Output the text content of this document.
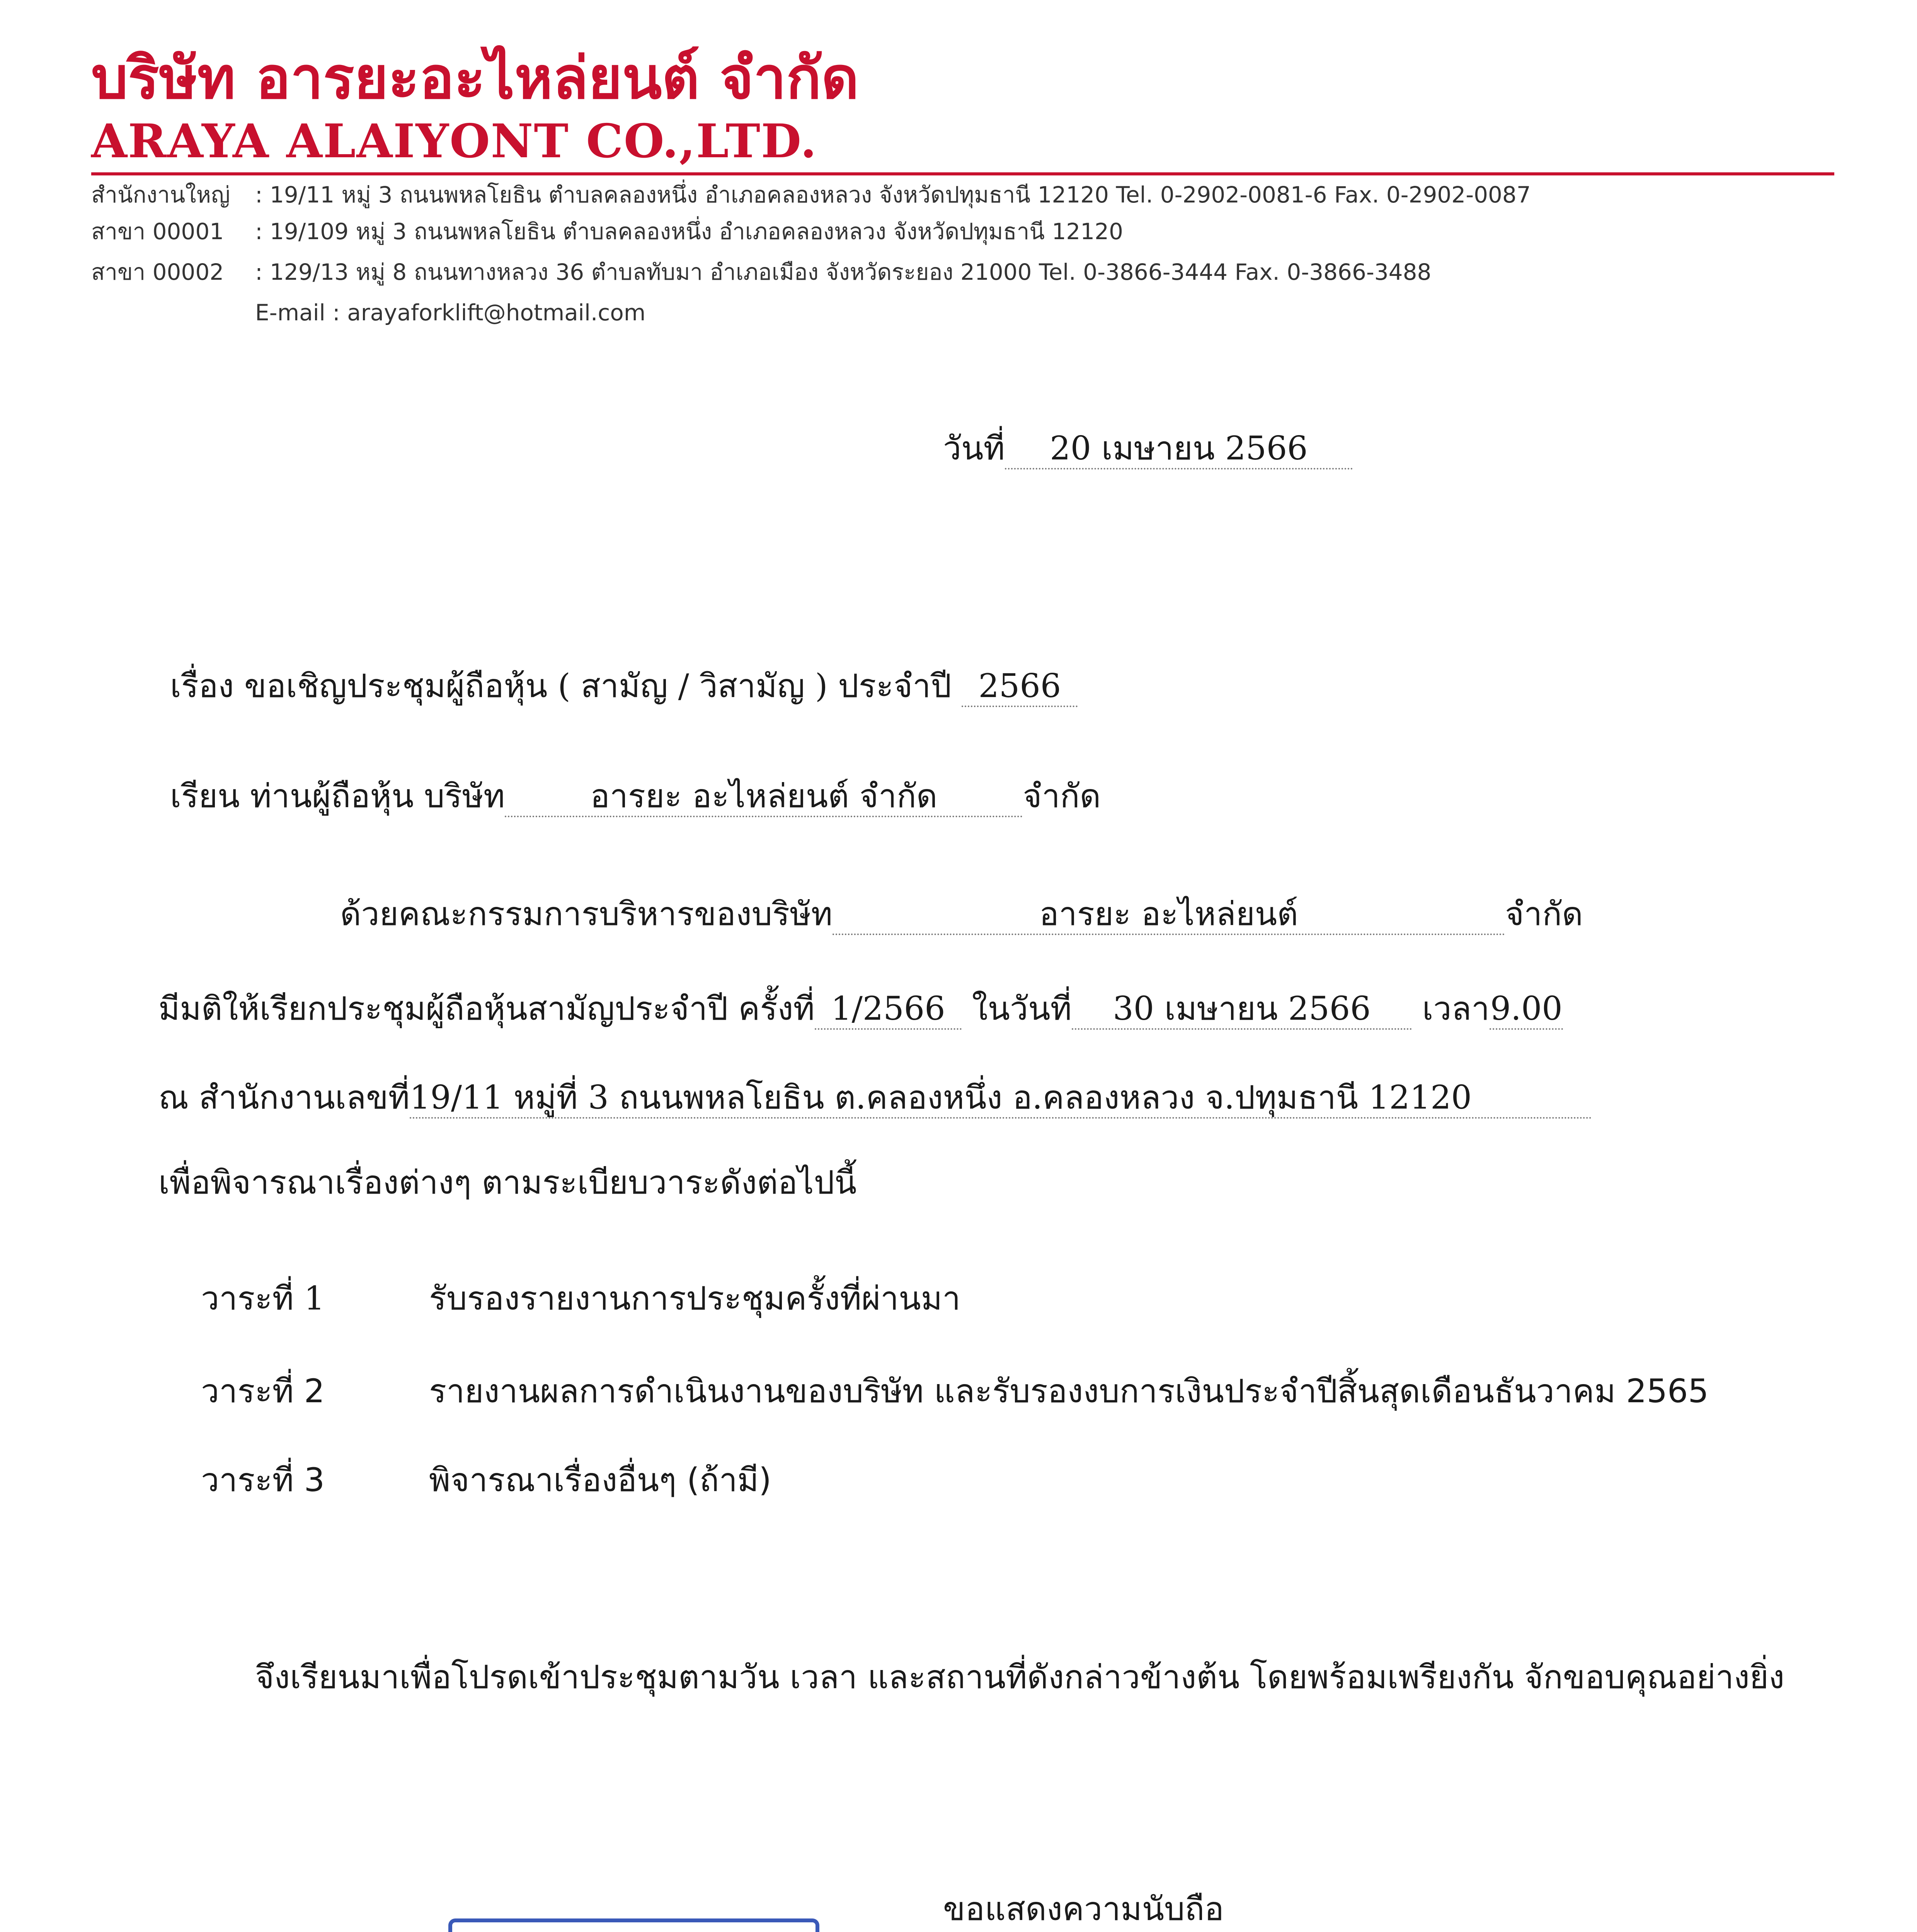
บริษัท อารยะอะไหล่ยนต์ จำกัด
ARAYA ALAIYONT CO.,LTD.
สำนักงานใหญ่ : 19/11 หมู่ 3 ถนนพหลโยธิน ตำบลคลองหนึ่ง อำเภอคลองหลวง จังหวัดปทุมธานี 12120 Tel. 0-2902-0081-6 Fax. 0-2902-0087
สาขา 00001 : 19/109 หมู่ 3 ถนนพหลโยธิน ตำบลคลองหนึ่ง อำเภอคลองหลวง จังหวัดปทุมธานี 12120
สาขา 00002 : 129/13 หมู่ 8 ถนนทางหลวง 36 ตำบลทับมา อำเภอเมือง จังหวัดระยอง 21000 Tel. 0-3866-3444 Fax. 0-3866-3488
E-mail : arayaforklift@hotmail.com
วันที่ 20 เมษายน 2566
เรื่อง ขอเชิญประชุมผู้ถือหุ้น ( สามัญ / วิสามัญ ) ประจำปี 2566
เรียน ท่านผู้ถือหุ้น บริษัท	อารยะ อะไหล่ยนต์ จำกัด	จำกัด
ด้วยคณะกรรมการบริหารของบริษัท	อารยะ อะไหล่ยนต์	จำกัด
มีมติให้เรียกประชุมผู้ถือหุ้นสามัญประจำปี ครั้งที่ 1/2566 ในวันที่ 30 เมษายน 2566 เวลา9.00
ณ สำนักงานเลขที่19/11 หมู่ที่ 3 ถนนพหลโยธิน ต.คลองหนึ่ง อ.คลองหลวง จ.ปทุมธานี 12120
เพื่อพิจารณาเรื่องต่างๆ ตามระเบียบวาระดังต่อไปนี้
วาระที่ 1	รับรองรายงานการประชุมครั้งที่ผ่านมา
วาระที่ 2	รายงานผลการดำเนินงานของบริษัท และรับรองงบการเงินประจำปีสิ้นสุดเดือนธันวาคม 2565
วาระที่ 3	พิจารณาเรื่องอื่นๆ (ถ้ามี)
จึงเรียนมาเพื่อโปรดเข้าประชุมตามวัน เวลา และสถานที่ดังกล่าวข้างต้น โดยพร้อมเพรียงกัน จักขอบคุณอย่างยิ่ง
ขอแสดงความนับถือ
